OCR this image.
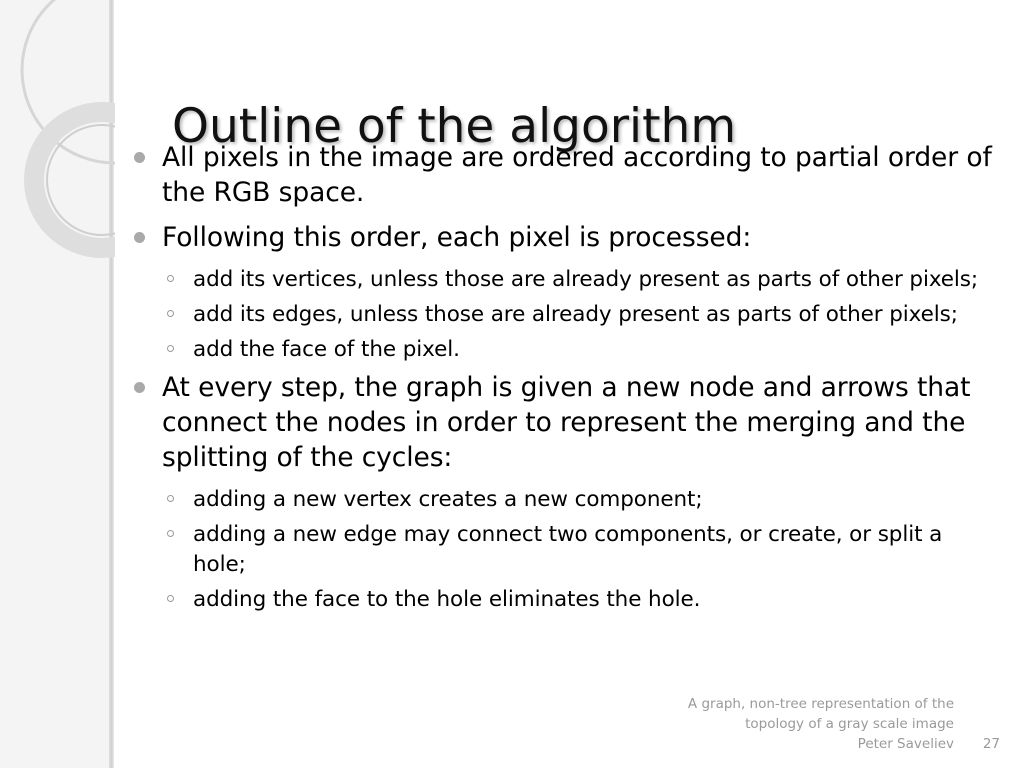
Outline of the algorithm
All pixels in the image are ordered according to partial order of the RGB space.
Following this order, each pixel is processed:
add its vertices, unless those are already present as parts of other pixels;
add its edges, unless those are already present as parts of other pixels;
add the face of the pixel.
At every step, the graph is given a new node and arrows that connect the nodes in order to represent the merging and the splitting of the cycles:
adding a new vertex creates a new component;
adding a new edge may connect two components, or create, or split a hole;
adding the face to the hole eliminates the hole.
A graph, non-tree representation of the
topology of a gray scale image
Peter Saveliev 27
